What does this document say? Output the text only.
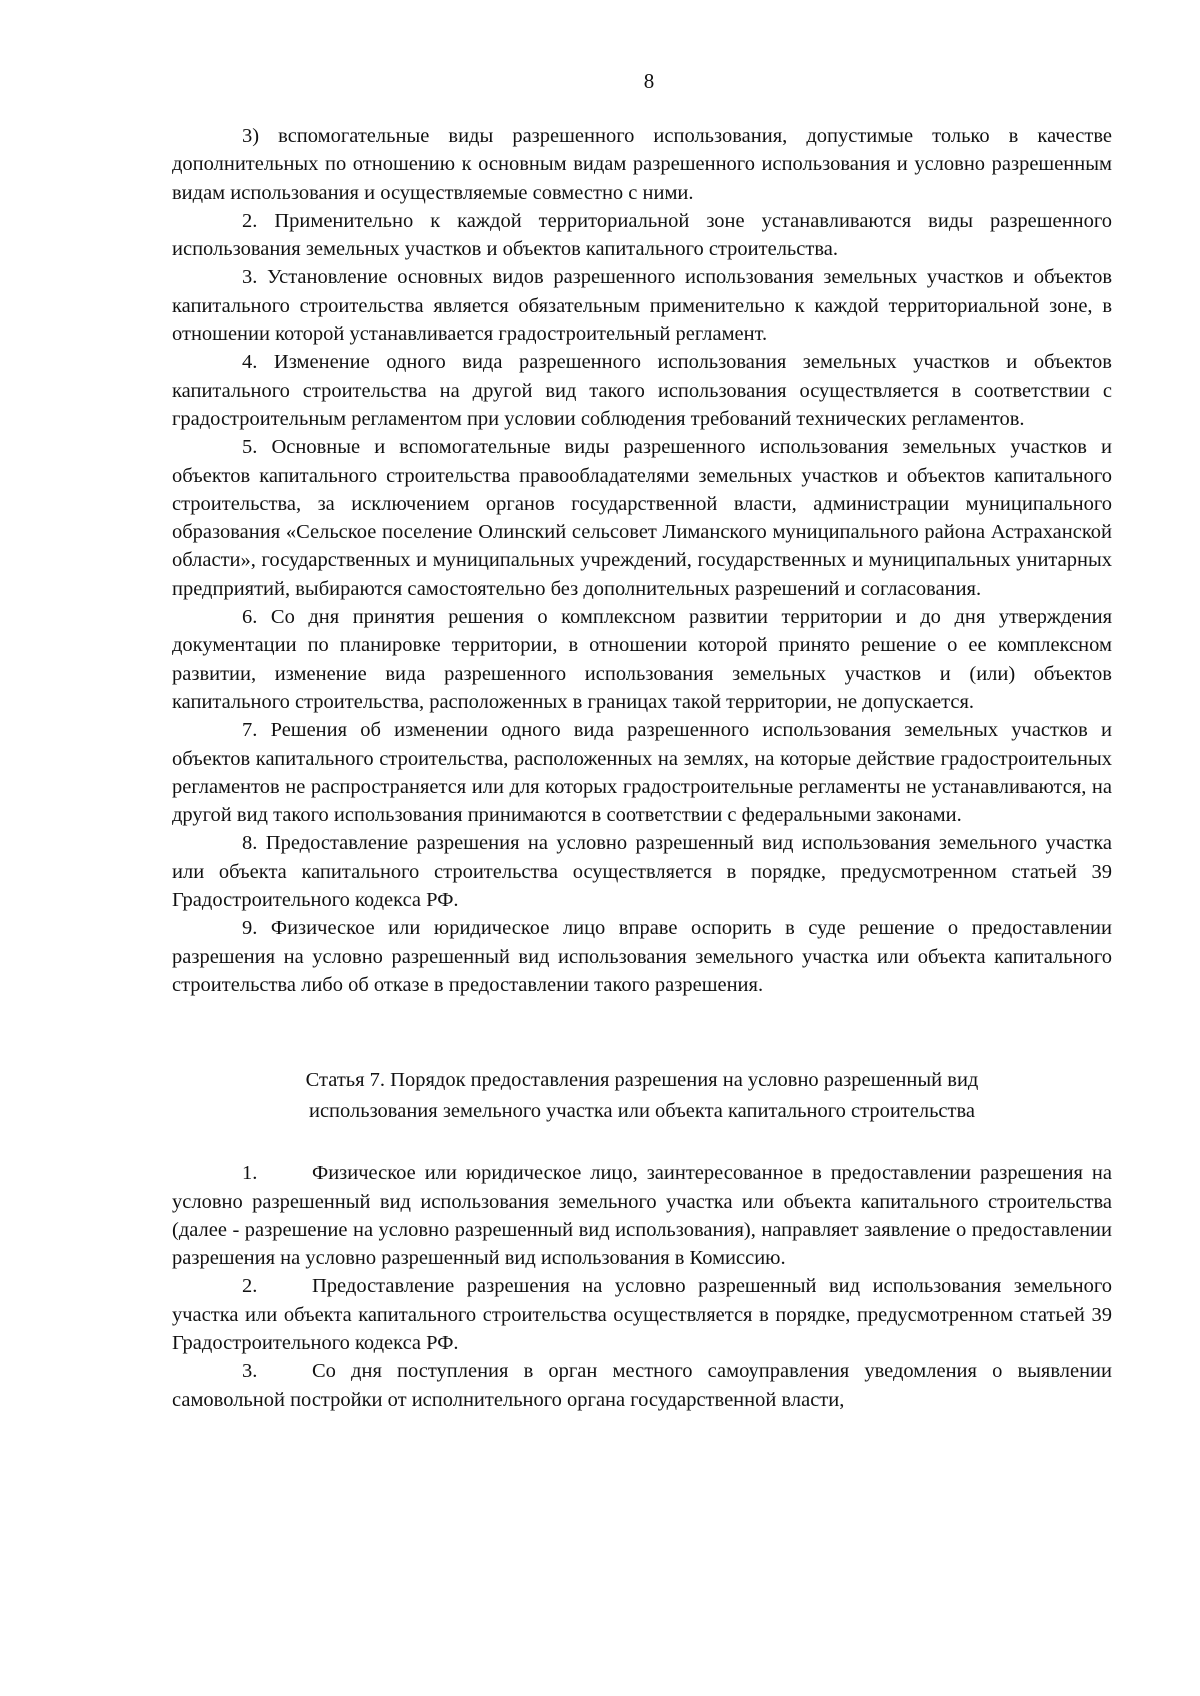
8

3) вспомогательные виды разрешенного использования, допустимые только в качестве дополнительных по отношению к основным видам разрешенного использования и условно разрешенным видам использования и осуществляемые совместно с ними.

2. Применительно к каждой территориальной зоне устанавливаются виды разрешенного использования земельных участков и объектов капитального строительства.

3. Установление основных видов разрешенного использования земельных участков и объектов капитального строительства является обязательным применительно к каждой территориальной зоне, в отношении которой устанавливается градостроительный регламент.

4. Изменение одного вида разрешенного использования земельных участков и объектов капитального строительства на другой вид такого использования осуществляется в соответствии с градостроительным регламентом при условии соблюдения требований технических регламентов.

5. Основные и вспомогательные виды разрешенного использования земельных участков и объектов капитального строительства правообладателями земельных участков и объектов капитального строительства, за исключением органов государственной власти, администрации муниципального образования «Сельское поселение Олинский сельсовет Лиманского муниципального района Астраханской области», государственных и муниципальных учреждений, государственных и муниципальных унитарных предприятий, выбираются самостоятельно без дополнительных разрешений и согласования.

6. Со дня принятия решения о комплексном развитии территории и до дня утверждения документации по планировке территории, в отношении которой принято решение о ее комплексном развитии, изменение вида разрешенного использования земельных участков и (или) объектов капитального строительства, расположенных в границах такой территории, не допускается.

7. Решения об изменении одного вида разрешенного использования земельных участков и объектов капитального строительства, расположенных на землях, на которые действие градостроительных регламентов не распространяется или для которых градостроительные регламенты не устанавливаются, на другой вид такого использования принимаются в соответствии с федеральными законами.

8. Предоставление разрешения на условно разрешенный вид использования земельного участка или объекта капитального строительства осуществляется в порядке, предусмотренном статьей 39 Градостроительного кодекса РФ.

9. Физическое или юридическое лицо вправе оспорить в суде решение о предоставлении разрешения на условно разрешенный вид использования земельного участка или объекта капитального строительства либо об отказе в предоставлении такого разрешения.

Статья 7. Порядок предоставления разрешения на условно разрешенный вид
использования земельного участка или объекта капитального строительства

1.	Физическое или юридическое лицо, заинтересованное в предоставлении разрешения на условно разрешенный вид использования земельного участка или объекта капитального строительства (далее - разрешение на условно разрешенный вид использования), направляет заявление о предоставлении разрешения на условно разрешенный вид использования в Комиссию.

2.	Предоставление разрешения на условно разрешенный вид использования земельного участка или объекта капитального строительства осуществляется в порядке, предусмотренном статьей 39 Градостроительного кодекса РФ.

3.	Со дня поступления в орган местного самоуправления уведомления о выявлении самовольной постройки от исполнительного органа государственной власти,
